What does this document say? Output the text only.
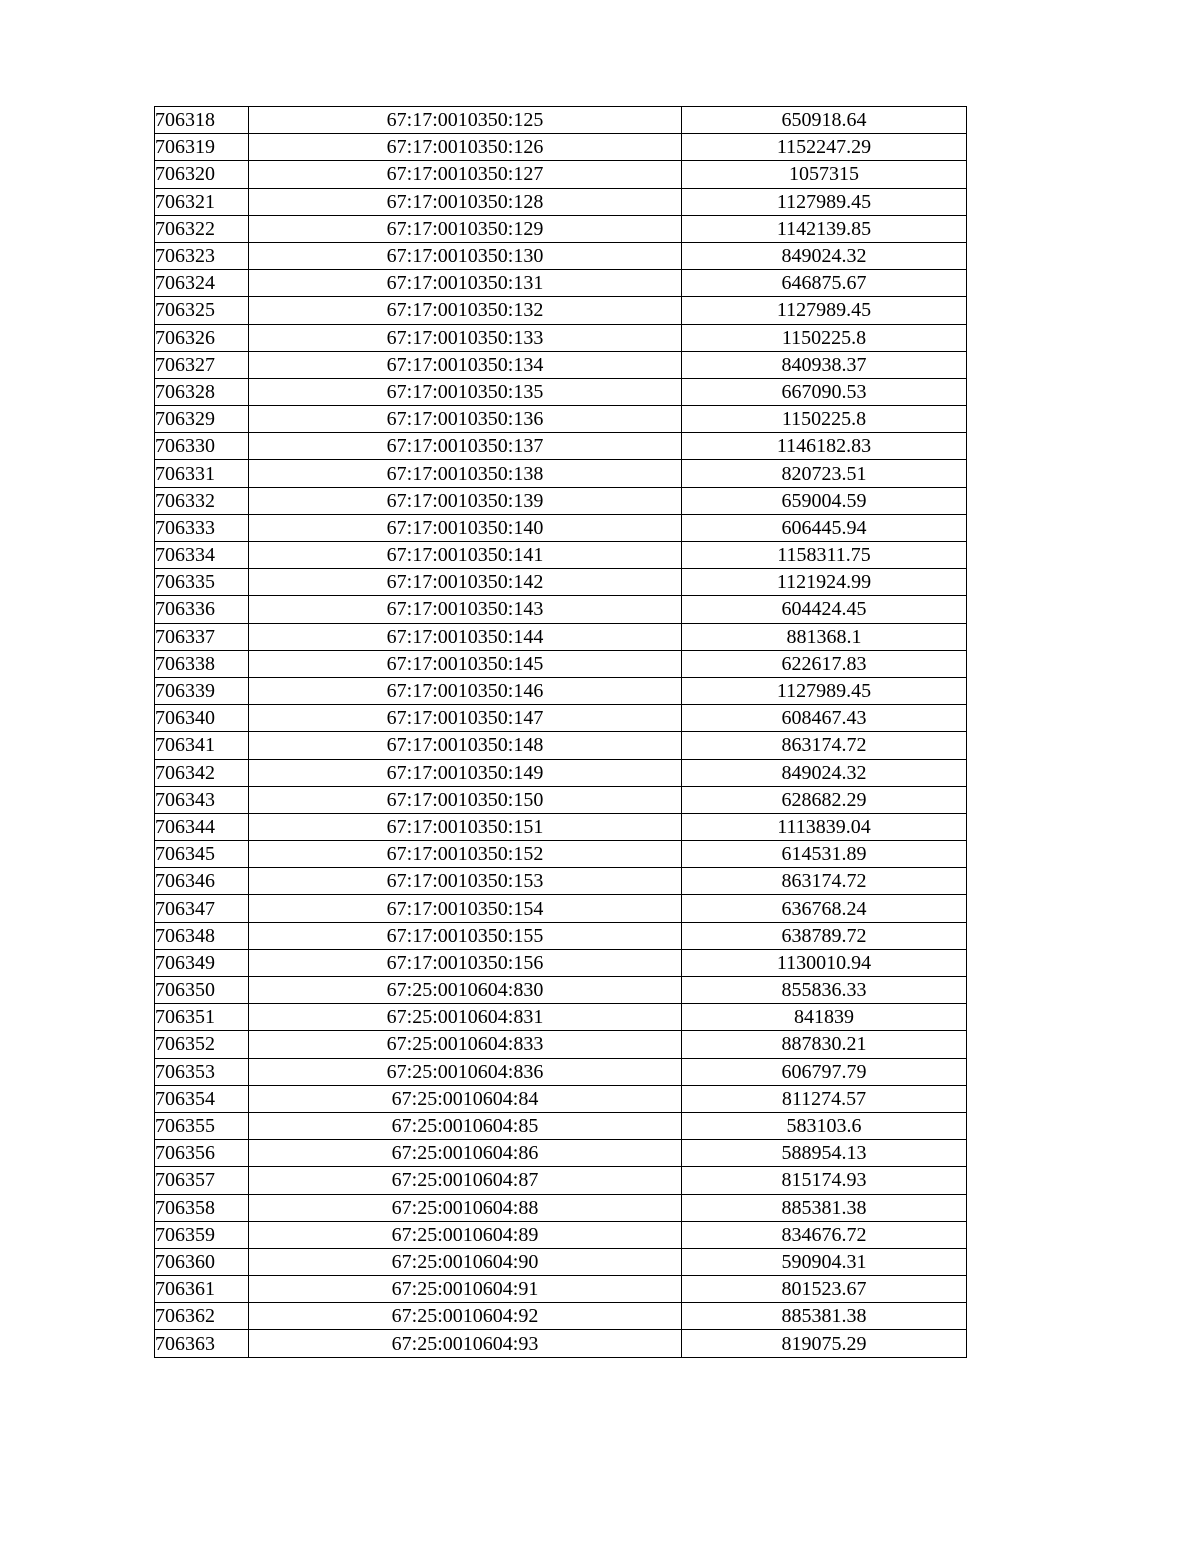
706318	67:17:0010350:125	650918.64
706319	67:17:0010350:126	1152247.29
706320	67:17:0010350:127	1057315
706321	67:17:0010350:128	1127989.45
706322	67:17:0010350:129	1142139.85
706323	67:17:0010350:130	849024.32
706324	67:17:0010350:131	646875.67
706325	67:17:0010350:132	1127989.45
706326	67:17:0010350:133	1150225.8
706327	67:17:0010350:134	840938.37
706328	67:17:0010350:135	667090.53
706329	67:17:0010350:136	1150225.8
706330	67:17:0010350:137	1146182.83
706331	67:17:0010350:138	820723.51
706332	67:17:0010350:139	659004.59
706333	67:17:0010350:140	606445.94
706334	67:17:0010350:141	1158311.75
706335	67:17:0010350:142	1121924.99
706336	67:17:0010350:143	604424.45
706337	67:17:0010350:144	881368.1
706338	67:17:0010350:145	622617.83
706339	67:17:0010350:146	1127989.45
706340	67:17:0010350:147	608467.43
706341	67:17:0010350:148	863174.72
706342	67:17:0010350:149	849024.32
706343	67:17:0010350:150	628682.29
706344	67:17:0010350:151	1113839.04
706345	67:17:0010350:152	614531.89
706346	67:17:0010350:153	863174.72
706347	67:17:0010350:154	636768.24
706348	67:17:0010350:155	638789.72
706349	67:17:0010350:156	1130010.94
706350	67:25:0010604:830	855836.33
706351	67:25:0010604:831	841839
706352	67:25:0010604:833	887830.21
706353	67:25:0010604:836	606797.79
706354	67:25:0010604:84	811274.57
706355	67:25:0010604:85	583103.6
706356	67:25:0010604:86	588954.13
706357	67:25:0010604:87	815174.93
706358	67:25:0010604:88	885381.38
706359	67:25:0010604:89	834676.72
706360	67:25:0010604:90	590904.31
706361	67:25:0010604:91	801523.67
706362	67:25:0010604:92	885381.38
706363	67:25:0010604:93	819075.29
